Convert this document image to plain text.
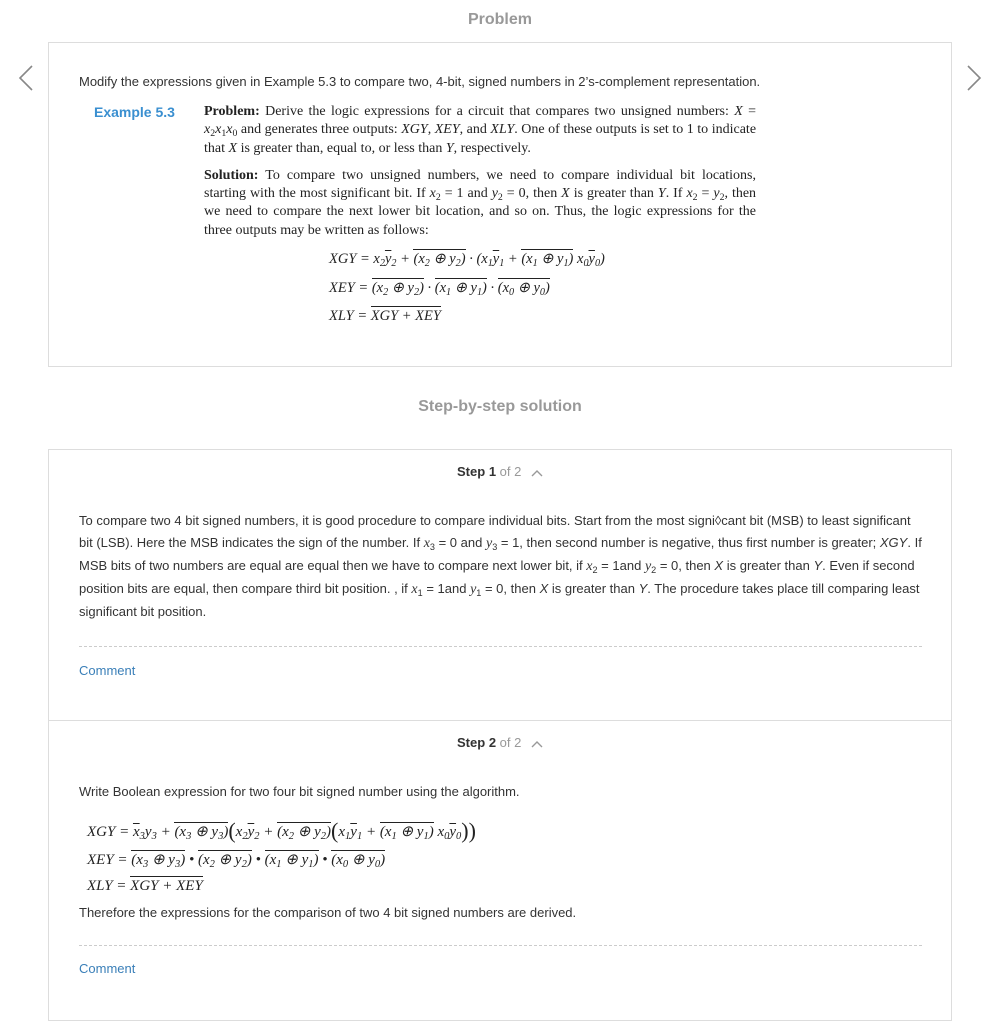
Problem
Modify the expressions given in Example 5.3 to compare two, 4-bit, signed numbers in 2’s-complement representation.
Example 5.3 Problem: Derive the logic expressions for a circuit that compares two unsigned numbers: $X = x_2x_1x_0$ and generates three outputs: XGY, XEY, and XLY. One of these outputs is set to 1 to indicate that X is greater than, equal to, or less than Y, respectively.
Solution: To compare two unsigned numbers, we need to compare individual bit locations, starting with the most significant bit. If $x_2 = 1$ and $y_2 = 0$, then X is greater than Y. If $x_2 = y_2$, then we need to compare the next lower bit location, and so on. Thus, the logic expressions for the three outputs may be written as follows:
XGY = $x_2\overline{y}_2 + (x_2$ ⊕ $y_2) \cdot (x_1\overline{y}_1 + (x_1$ ⊕ $y_1$) $x_0\overline{y}_0$)
XEY = ($x_2$ ⊕ $y_2) \cdot (x_1$ ⊕ $y_1) \cdot (x_0$ ⊕ $y_0$)
XLY = XGY + XEY
Step-by-step solution
Step 1 of 2
To compare two 4 bit signed numbers, it is good procedure to compare individual bits. Start from the most signi◊cant bit (MSB) to least significant bit (LSB). Here the MSB indicates the sign of the number. If $x_3 = 0$ and $y_3 = 1$, then second number is negative, thus first number is greater; XGY. If MSB bits of two numbers are equal are equal then we have to compare next lower bit, if $x_2 = 1and$ $y_2 = 0$, then X is greater than Y. Even if second position bits are equal, then compare third bit position. , if $x_1 = 1and$ $y_1 = 0$, then X is greater than Y. The procedure takes place till comparing least significant bit position.
Comment
Step 2 of 2
Write Boolean expression for two four bit signed number using the algorithm.
XGY = $\overline{x}_3y_3 + (x_3$ ⊕ $y_3)(x_2\overline{y}_2 + (x_2$ ⊕ $y_2)(x_1\overline{y}_1 + (x_1$ ⊕ $y_1$) $x_0\overline{y}_0$))
XEY = ($x_3$ ⊕ $y_3$) • ($x_2$ ⊕ $y_2$) • ($x_1$ ⊕ $y_1$) • ($x_0$ ⊕ $y_0$)
XLY = XGY + XEY
Therefore the expressions for the comparison of two 4 bit signed numbers are derived.
Comment
